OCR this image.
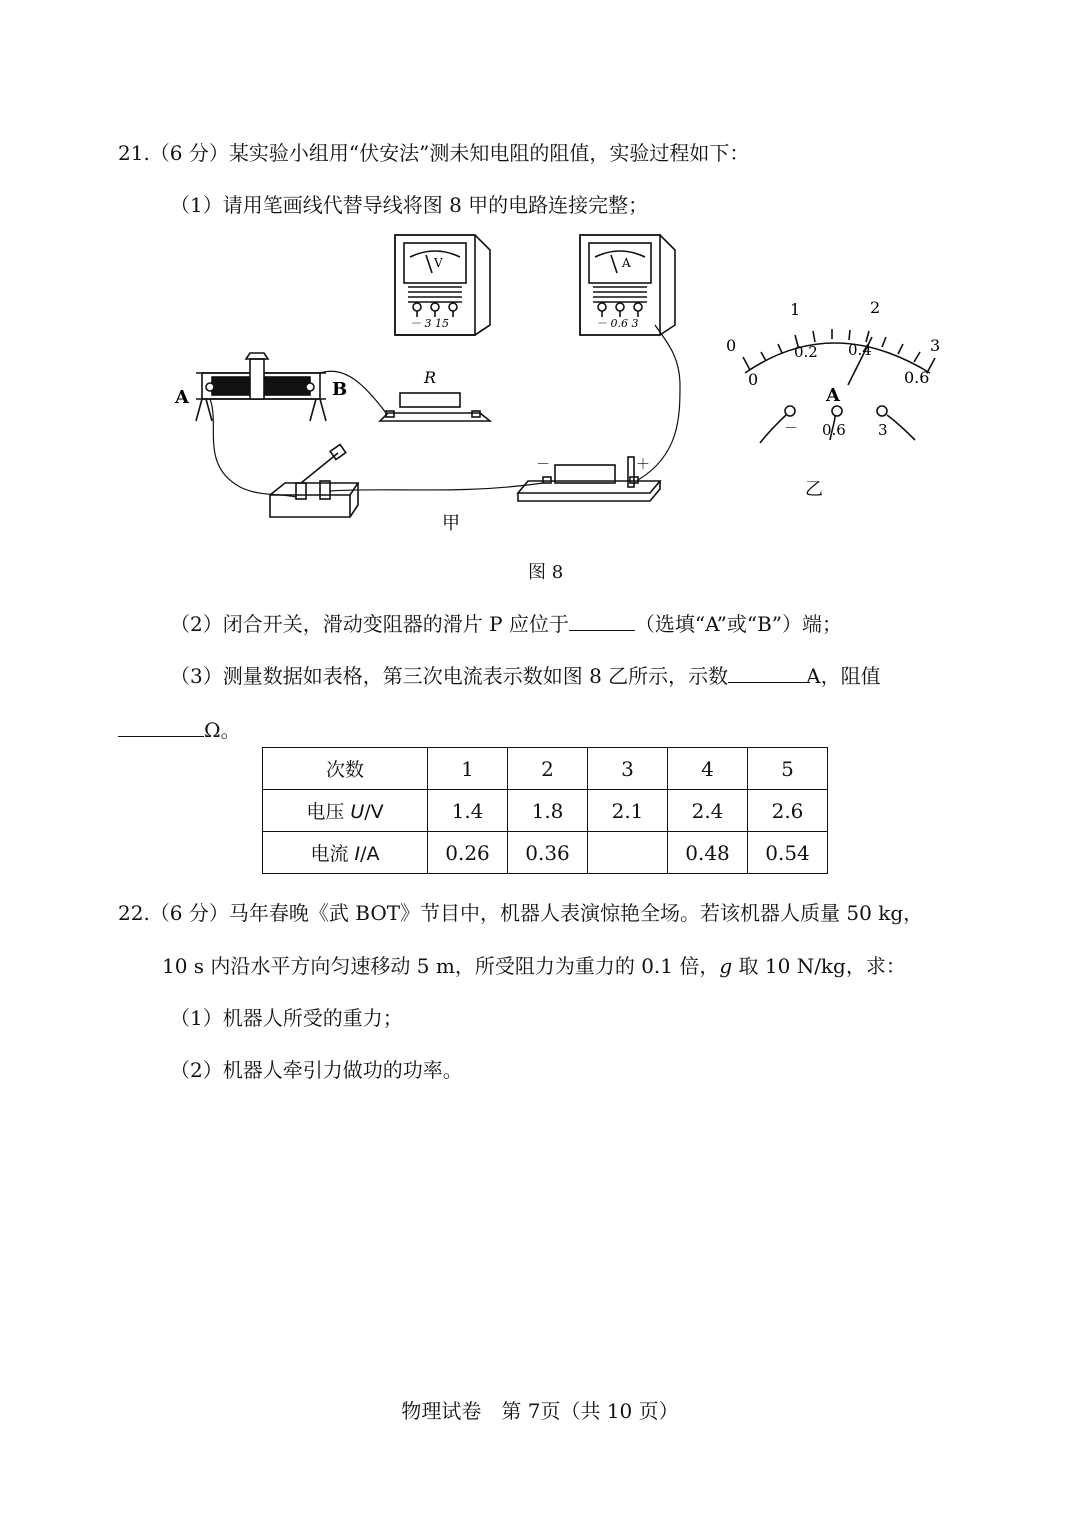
21.（6 分）某实验小组用“伏安法”测未知电阻的阻值，实验过程如下：
（1）请用笔画线代替导线将图 8 甲的电路连接完整；
A	B
R
V
－ 3 15
A
－ 0.6 3
－	＋
甲
0
1	2
3
0
0.2 0.4
0.6
A
－ 0.6 3
乙
图 8
（2）闭合开关，滑动变阻器的滑片 P 应位于	（选填“A”或“B”）端；
（3）测量数据如表格，第三次电流表示数如图 8 乙所示，示数	A，阻值
Ω。
次数	1	2	3	4	5
电压 U/V	1.4	1.8	2.1	2.4	2.6
电流 I/A	0.26	0.36		0.48	0.54
22.（6 分）马年春晚《武 BOT》节目中，机器人表演惊艳全场。若该机器人质量 50 kg，
10 s 内沿水平方向匀速移动 5 m，所受阻力为重力的 0.1 倍，g 取 10 N/kg，求：
（1）机器人所受的重力；
（2）机器人牵引力做功的功率。
物理试卷　第 7页（共 10 页）
